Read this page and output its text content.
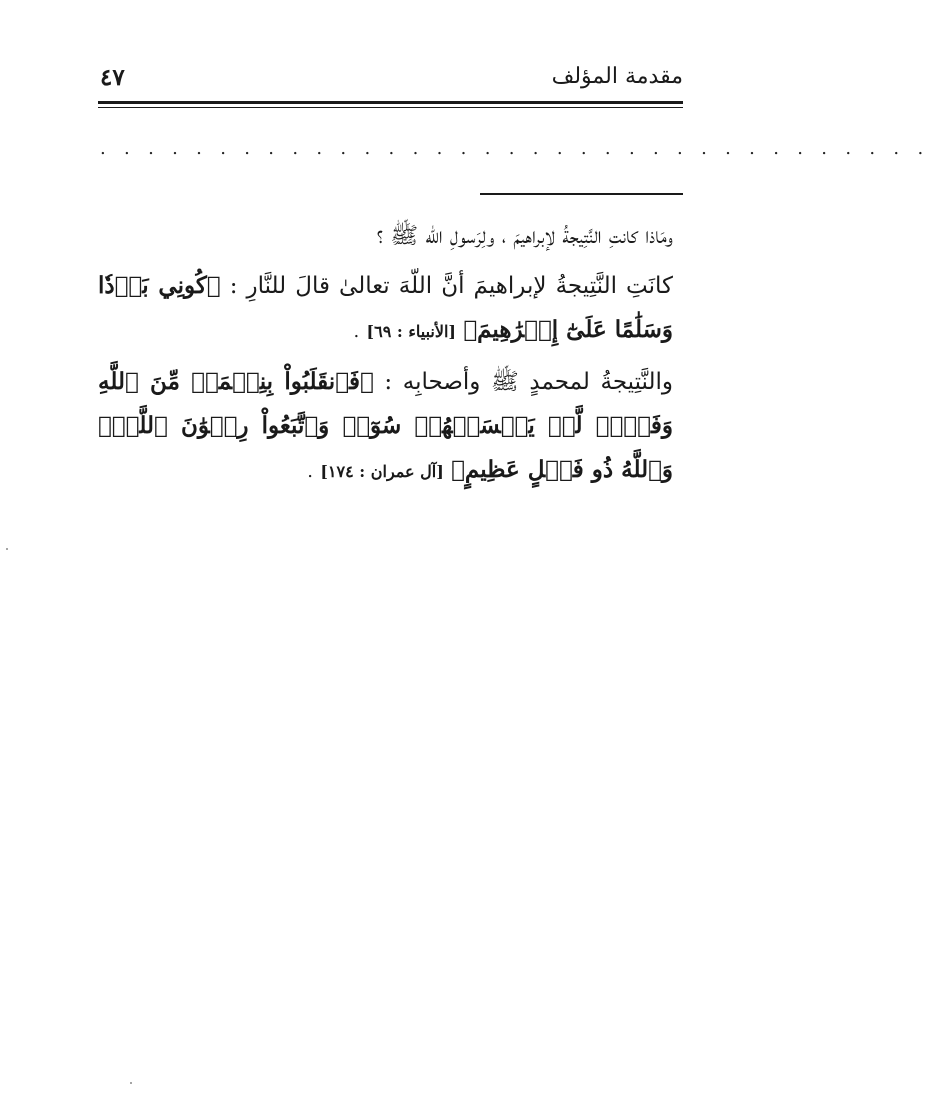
مقدمة المؤلف
٤٧
. . . . . . . . . . . . . . . . . . . . . . . . . . . . . . . . . . .

ومَاذا كانتِ النَّتِيجةُ لإبراهيمَ ، ولِرَسولِ اللّه ﷺ ؟

كانَتِ النَّتِيجةُ لإبراهيمَ أنَّ اللّهَ تعالىٰ قالَ للنَّارِ : ﴿كُونِي بَرۡدٗا وَسَلَٰمًا عَلَىٰٓ إِبۡرَٰهِيمَ﴾ [الأنبياء : ٦٩] .

والنَّتِيجةُ لمحمدٍ ﷺ وأصحابِه : ﴿فَٱنقَلَبُواْ بِنِعۡمَةٖ مِّنَ ٱللَّهِ وَفَضۡلٖ لَّمۡ يَمۡسَسۡهُمۡ سُوٓءٞ وَٱتَّبَعُواْ رِضۡوَٰنَ ٱللَّهِۗ وَٱللَّهُ ذُو فَضۡلٍ عَظِيمٍ﴾ [آل عمران : ١٧٤] .
